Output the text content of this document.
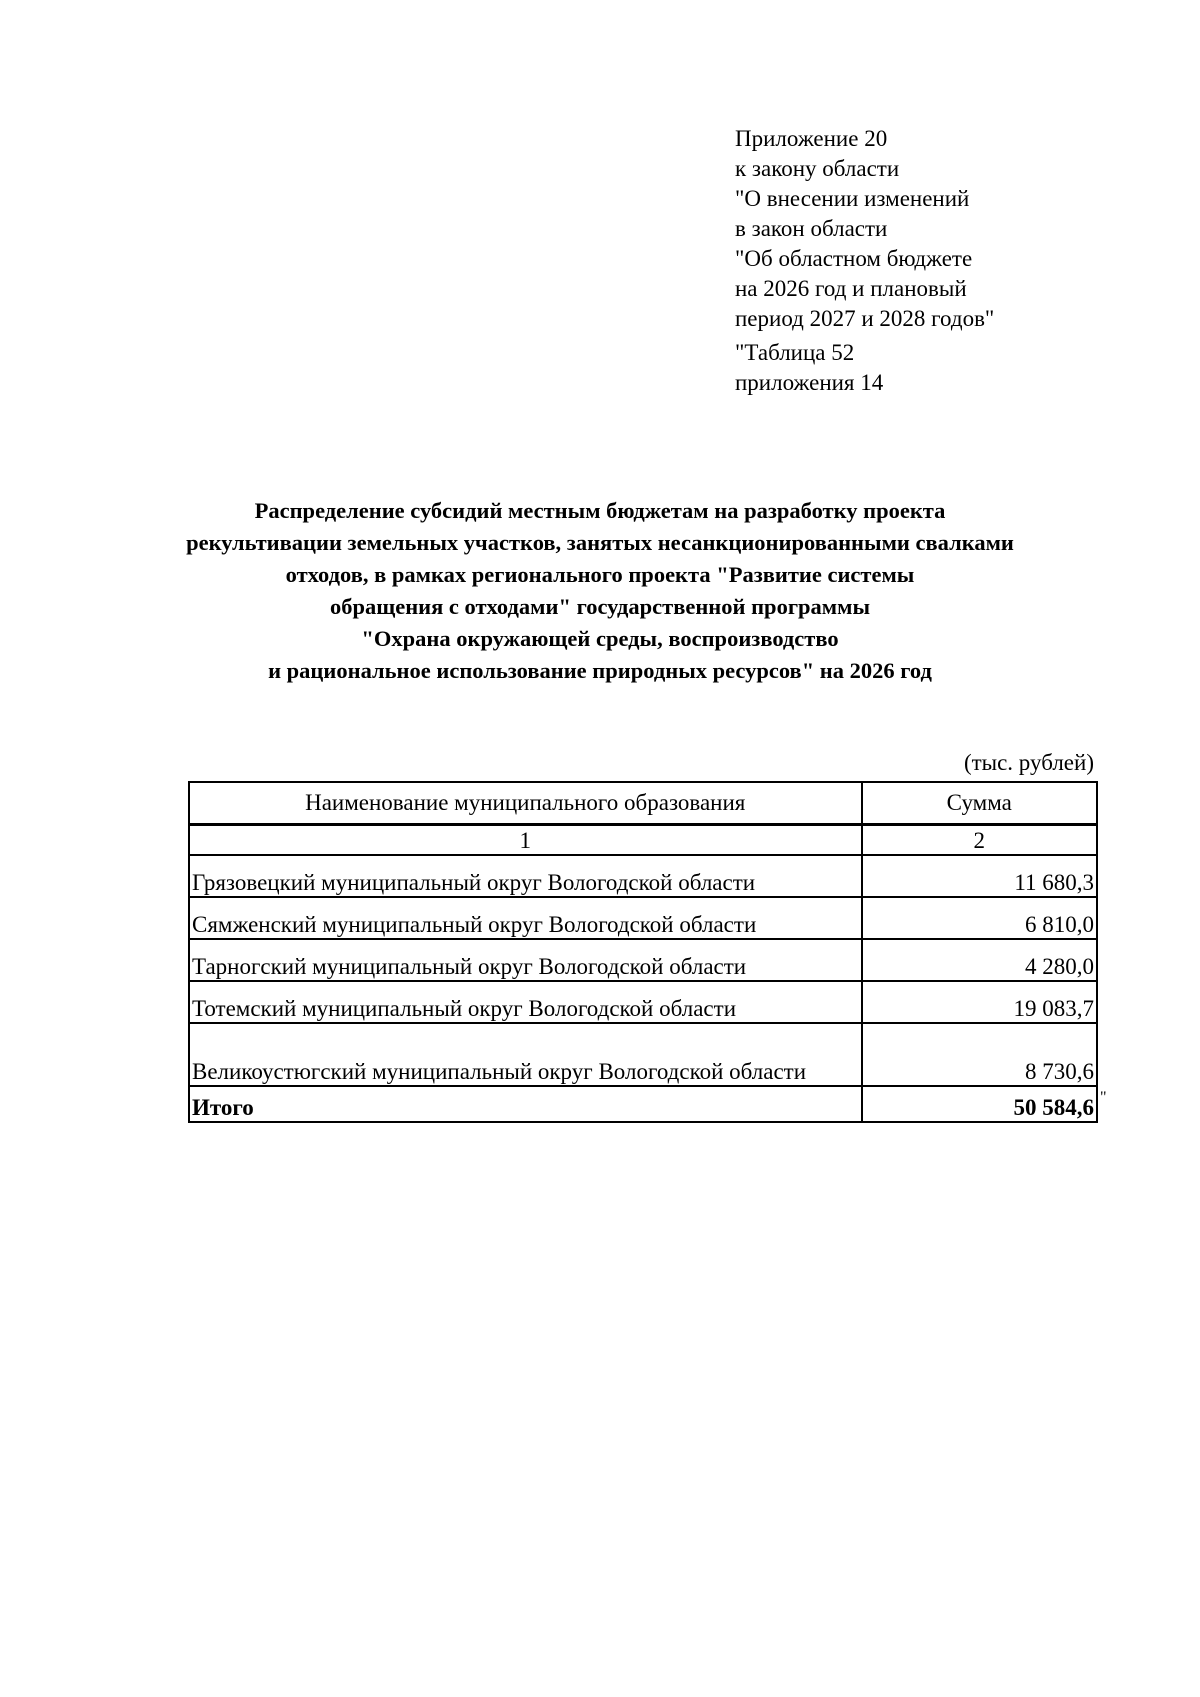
Приложение 20
к закону области
"О внесении изменений
в закон области
"Об областном бюджете
на 2026 год и плановый
период 2027 и 2028 годов"
"Таблица 52
приложения 14
Распределение субсидий местным бюджетам на разработку проекта
рекультивации земельных участков, занятых несанкционированными свалками
отходов, в рамках регионального проекта "Развитие системы
обращения с отходами" государственной программы
"Охрана окружающей среды, воспроизводство
и рациональное использование природных ресурсов" на 2026 год
(тыс. рублей)
Наименование муниципального образования	Сумма
1	2
Грязовецкий муниципальный округ Вологодской области	11 680,3
Сямженский муниципальный округ Вологодской области	6 810,0
Тарногский муниципальный округ Вологодской области	4 280,0
Тотемский муниципальный округ Вологодской области	19 083,7
Великоустюгский муниципальный округ Вологодской области	8 730,6
Итого	50 584,6 "
